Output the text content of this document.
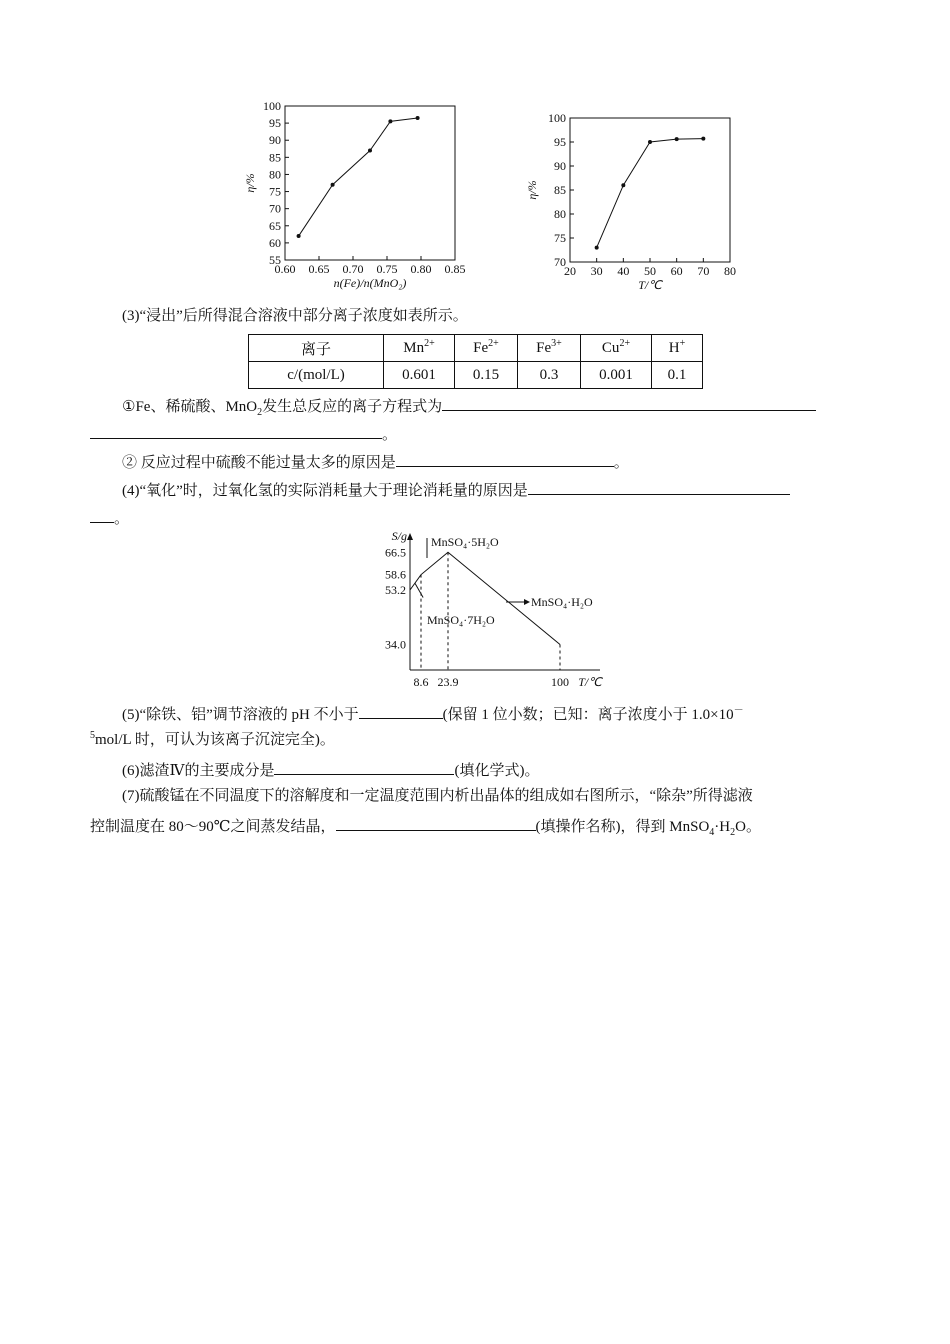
0.60 0.65 0.70 0.75 0.80 0.85
55
60
65
70
75
80
85
90
95
100
n(Fe)/n(MnO₂)
η/%
20 30 40 50 60 70 80
70
75
80
85
90
95
100
T/℃
η/%
S/g
T/℃
66.5
58.6
53.2
34.0
8.6 23.9	100
MnSO₄·5H₂O
MnSO₄·7H₂O
MnSO₄·H₂O
(3)“浸出”后所得混合溶液中部分离子浓度如表所示。
离子	$Mn^{2+}$	$Fe^{2+}$	$Fe^{3+}$	$Cu^{2+}$	H+
c/(mol/L)	0.601	0.15	0.3	0.001	0.1
①Fe、稀硫酸、MnO$_2$发生总反应的离子方程式为
。
② 反应过程中硫酸不能过量太多的原因是	。
(4)“氧化”时，过氧化氢的实际消耗量大于理论消耗量的原因是
。
(5)“除铁、铝”调节溶液的 pH 不小于	(保留 1 位小数；已知：离子浓度小于 1.0×10－
$^5$mol/L 时，可认为该离子沉淀完全)。
(6)滤渣Ⅳ的主要成分是	(填化学式)。
(7)硫酸锰在不同温度下的溶解度和一定温度范围内析出晶体的组成如右图所示，“除杂”所得滤液
控制温度在 80～90℃之间蒸发结晶，	(填操作名称)，得到 $MnSO_4\cdot H_2O$。
